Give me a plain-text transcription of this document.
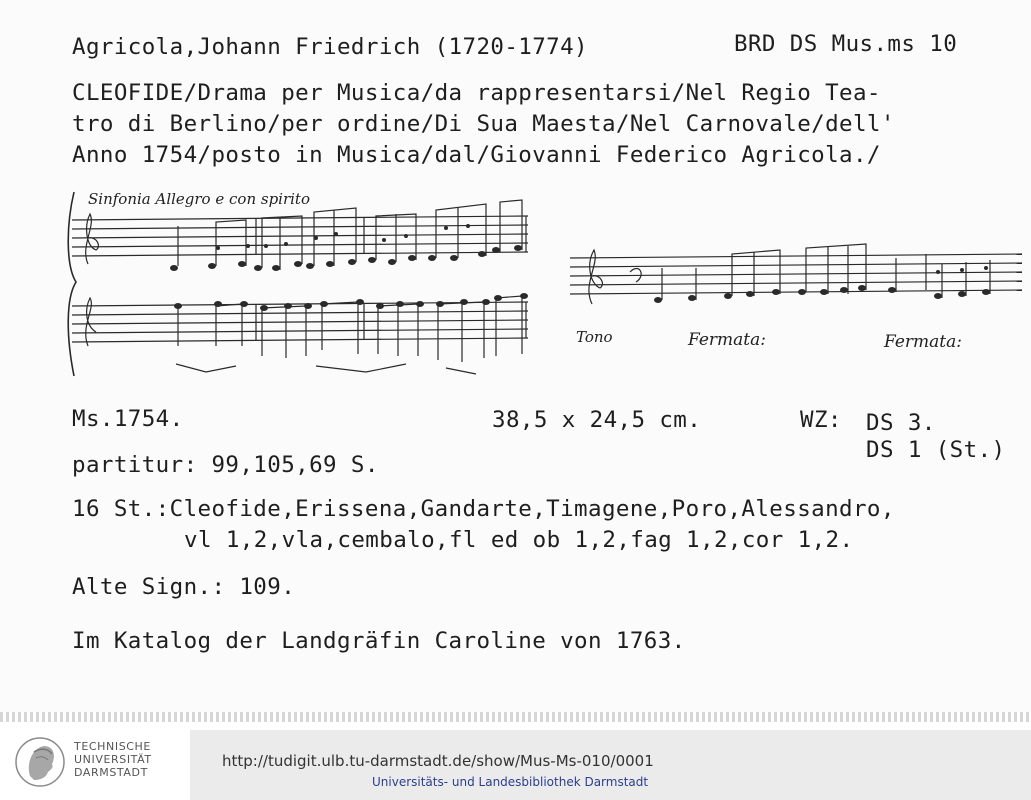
Agricola,Johann Friedrich (1720-1774)	BRD DS Mus.ms 10
CLEOFIDE/Drama per Musica/da rappresentarsi/Nel Regio Tea-
tro di Berlino/per ordine/Di Sua Maesta/Nel Carnovale/dell'
Anno 1754/posto in Musica/dal/Giovanni Federico Agricola./
Sinfonia Allegro e con spirito
Tono	Fermata:	Fermata:
Ms.1754.	38,5 x 24,5 cm.	WZ: DS 3.
DS 1 (St.)
partitur: 99,105,69 S.
16 St.:Cleofide,Erissena,Gandarte,Timagene,Poro,Alessandro,
vl 1,2,vla,cembalo,fl ed ob 1,2,fag 1,2,cor 1,2.
Alte Sign.: 109.
Im Katalog der Landgräfin Caroline von 1763.
TECHNISCHE
UNIVERSITÄT
DARMSTADT
http://tudigit.ulb.tu-darmstadt.de/show/Mus-Ms-010/0001
Universitäts- und Landesbibliothek Darmstadt
